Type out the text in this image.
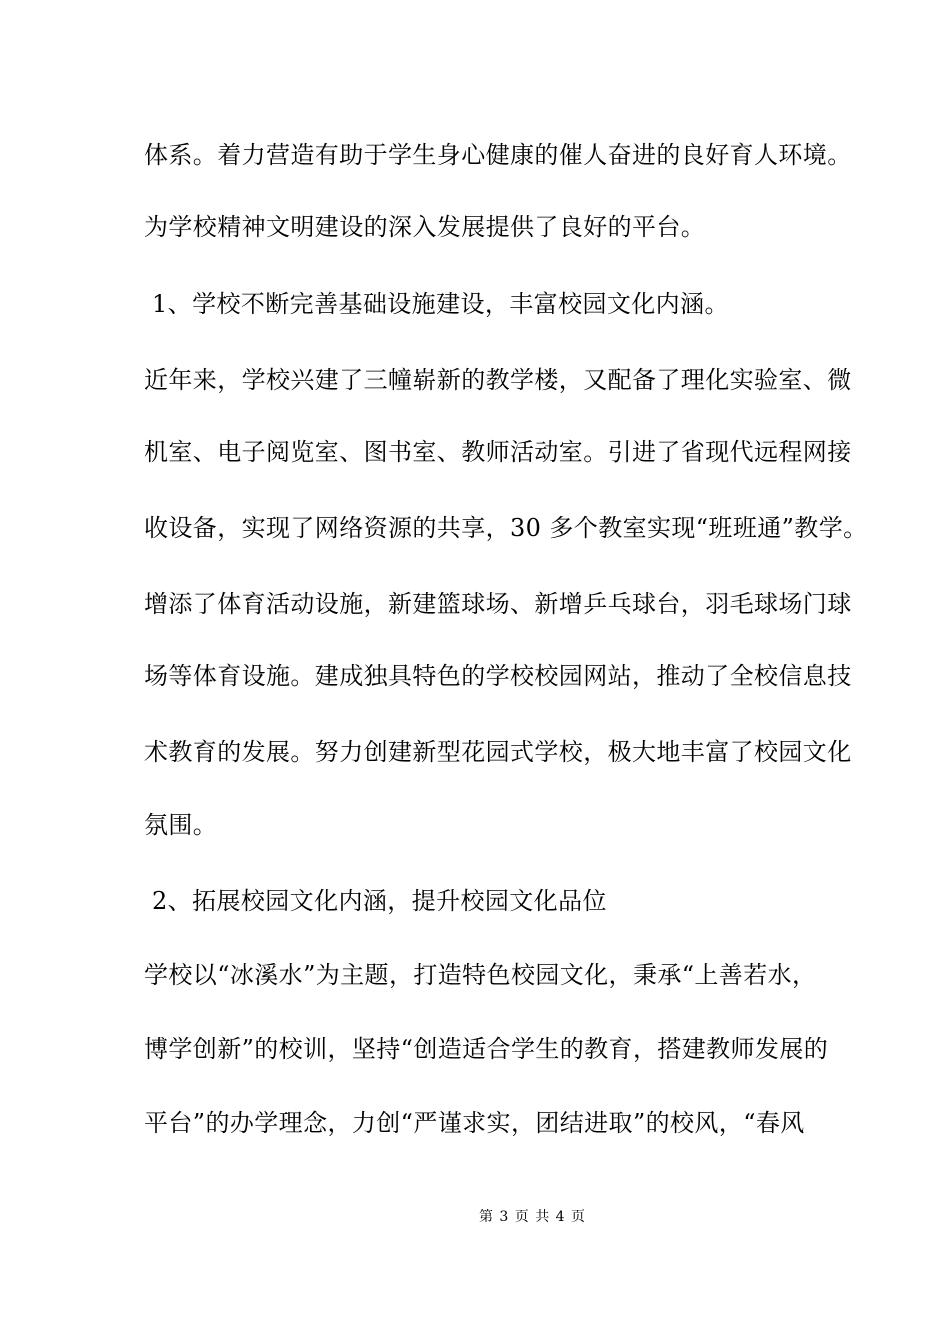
体系。着力营造有助于学生身心健康的催人奋进的良好育人环境。
为学校精神文明建设的深入发展提供了良好的平台。
1、学校不断完善基础设施建设，丰富校园文化内涵。
近年来，学校兴建了三幢崭新的教学楼，又配备了理化实验室、微
机室、电子阅览室、图书室、教师活动室。引进了省现代远程网接
收设备，实现了网络资源的共享，30 多个教室实现“班班通”教学。
增添了体育活动设施，新建篮球场、新增乒乓球台，羽毛球场门球
场等体育设施。建成独具特色的学校校园网站，推动了全校信息技
术教育的发展。努力创建新型花园式学校，极大地丰富了校园文化
氛围。
2、拓展校园文化内涵，提升校园文化品位
学校以“冰溪水”为主题，打造特色校园文化，秉承“上善若水，
博学创新”的校训，坚持“创造适合学生的教育，搭建教师发展的
平台”的办学理念，力创“严谨求实，团结进取”的校风，“春风
第 3 页 共 4 页
